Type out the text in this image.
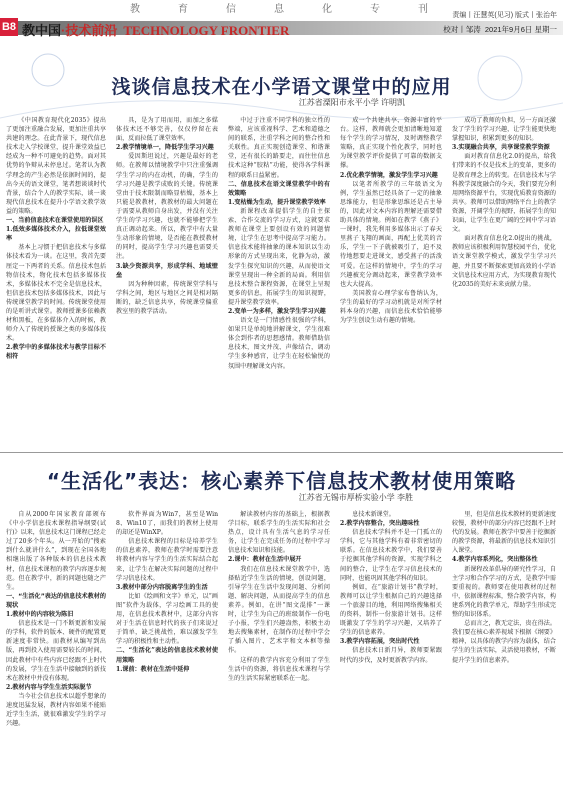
教	育	信	息	化	专	刊
B8 教中国·技术前沿 TECHNOLOGY FRONTIER
责编丨汪慧英(见习) 版式丨张治年
校对丨邹涛 2021年9月6日 星期一
浅谈信息技术在小学语文课堂中的应用
江苏省溧阳市永平小学 许明凯

《中国教育现代化2035》提出了更加注重融合发展，更加注重共享共建的理念。在此背景下，现代信息技术走入学校课堂，提升课堂效益已经成为一种不可避免的趋势。面对其优势的争辩从未停息过。笔者认为教学理念的产生必然是依据时间的，提出今天的语文课堂，笔者想谈谈时代背景，结合个人的教学实际，谈一谈现代信息技术在提升小学语文教学效益的策略。

一、当前信息技术在课堂使用的误区

1.低效多媒体技术介入，拉低课堂效率

基本上习惯于把信息技术与多媒体技术看为一谈。在这里，我首先要厘定一下两者的关系。信息技术包括物信技术，物化技术包括多媒体技术，多媒体技术不完全是信息技术，但信息技术包括多媒体技术，因此与传统课堂教学的时间。传统课堂使用的是听讲式课堂。教师授课多依赖教材和黑板，在多媒体介入的时候，教师介入了传统的授课之类的多媒体技术。

2.教学中的多媒体技术与教学目标不相符

具，是为了用而用，而加之多媒体技术还不够完善，仅仅停留在表面，反而拉低了课堂效率。

2.教学情境单一，降低学生学习兴趣

爱因斯坦说过，兴趣是最好的老师。在教师以情境教学中只注重强调学生学习的内在动机，的确，学生的学习兴趣是教学成败的关键。传统课堂由于技术限制而略显枯燥，基本上只能是教教材，教教材的最大问题在于需要从教师自身出发，并没有关注学生的学习兴趣，也就不能够把学生真正调动起来。所以，教学中有大量生动形象的情境，是否能在教授教材的同时，提高学生学习兴趣也需要关注。

3.缺少资源共享，形成学科、地域壁垒

因为种种因素，传统课堂学科与学科之间，地区与地区之间是相对隔断的，缺乏信息共享，传统课堂偏重教室里的教学活动。

中过于注重不同学科的独立性的弊端，应该重视科学、艺术和道德之间的联系，注重学科之间的整合性和关联性。真正实现创造课堂、和谐课堂，还有很长的路要走，而往往信息技术这种“胶粘”功能，使得各学科课程的联系日益紧密。

二、信息技术在语文课堂教学中的有效策略

1.变枯燥为生动，提升课堂教学效率

新课程改革提倡学生的自主探索、合作交流的学习方式，这就要求教师在课堂上要创设有效的问题情境，让学生在思考中提高学习能力。信息技术能将抽象的课本知识以生动形象的方式呈现出来，化静为动，激发学生探究知识的兴趣，从而使语文课堂呈现出一种全新的局面。利用信息技术整合课程资源，在课堂上呈现更多的信息，拓展学生的知识视野，提升课堂教学效率。

2.变单一为多样，激发学生学习兴趣

语文是一门情感性很强的学科，如果只是单纯地讲解课文，学生很难体会到作者的思想感情。教师借助信息技术，图文并茂、声像结合，调动学生多种感官，让学生在轻松愉悦的氛围中理解课文内容。

成一个共建共享、资源丰富的平台。这样，教师就会更加清晰地知道每个学生的学习情况，及时调整教学策略，真正实现个性化教学，同时也为课堂教学评价提供了可靠的数据支撑。

2.优化教学情境，激发学生学习兴趣

以笔者所教学的三年级语文为例，学生虽然已经具备了一定的抽象思维能力，但是形象思维还是占主导的，因此对文本内容的理解还需要借助具体的情境。例如在教学《燕子》一课时，我先利用多媒体出示了春天里燕子飞翔的画面，再配上优美的音乐，学生一下子就被吸引了，迫不及待地想要走进课文，感受燕子的活泼可爱。在这样的情境中，学生的学习兴趣被充分调动起来，课堂教学效率也大大提高。

美国教育心理学家布鲁纳认为，学生的最好的学习动机就是对所学材料本身的兴趣，而信息技术恰恰能够为学生创设生动有趣的情境。

成功了教师的负担，另一方面还激发了学生的学习兴趣，让学生能更快地掌握知识，积累到更多的知识。

3.实现融合共享，共享课堂教学资源

面对教育信息化2.0的提出，给我们带来的不仅是技术上的变革，更多的是教育理念上的转变。在信息技术与学科教学深度融合的今天，我们要充分利用网络资源平台，实现优质教育资源的共享。教师可以借助网络平台上的教学资源，开阔学生的视野，拓展学生的知识面，让学生在更广阔的空间中学习语文。

面对教育信息化2.0提出的挑战，教师应该积极利用智慧校园平台，优化语文课堂教学模式，激发学生学习兴趣，并且要不断探索更加高效的小学语文信息技术应用方式，为实现教育现代化2035的美好未来贡献力量。

“生活化”表达：核心素养下信息技术教材使用策略
江苏省无锡市厚桥实验小学 李胜

自从2000年国家教育部颁布《中小学信息技术课程指导纲要(试行)》以来，信息技术这门课程已经走过了20多个年头。从一开始的“搜索到什么就讲什么”，到现在全国各地相继出版了各种版本的信息技术教材，信息技术课程的教学内容逐步规范。但在教学中，新的问题也随之产生。

一、“生活化”表达的信息技术教材的现状

1.教材中的内容较为陈旧

信息技术是一门不断更新和发展的学科，软件的版本、硬件的配置更新速度非常快。而教材从编写到出版，再到投入使用需要较长的时间，因此教材中有些内容已经跟不上时代的发展，学生在生活中接触到的新技术在教材中并没有体现。

2.教材内容与学生生活实际脱节

当今社会信息技术以超乎想象的速度迅猛发展，教材内容如果不能贴近学生生活，就很难激发学生的学习兴趣。

软件界面为Win7，甚至是Win8、Win10了，而我们的教材上使用的却还是WinXP。

信息技术课程的目标是培养学生的信息素养，教师在教学时需要注意将教材内容与学生的生活实际结合起来，让学生在解决实际问题的过程中学习信息技术。

3.教材中部分内容脱离学生的生活

比如《绘画和文字》单元，以“画图”软件为载体，学习绘画工具的使用，在信息技术教材中，这部分内容对于生活在信息时代的孩子们来说过于简单，缺乏挑战性，难以激发学生学习的积极性和主动性。

二、“生活化”表达的信息技术教材使用策略

1.课前：教材在生活中延伸

解读教材内容的基础上，根据教学目标，联系学生的生活实际和社会热点，设计具有生活气息的学习任务，让学生在完成任务的过程中学习信息技术知识和技能。

2.课中：教材在生活中展开

我们在信息技术课堂教学中，选择贴近学生生活的情境，创设问题，引导学生在生活中发现问题、分析问题、解决问题，从而提高学生的信息素养。例如，在讲“图文混排”一课时，让学生为自己的班级制作一份电子小报，学生们兴趣盎然，积极主动地去搜集素材，在制作的过程中学会了插入图片、艺术字和文本框等操作。

这样的教学内容充分利用了学生生活中的资源，将信息技术课程与学生的生活实际紧密联系在一起。

息技术新课堂。

2.教学内容整合，突出趣味性

信息技术学科并不是一门孤立的学科，它与其他学科有着非常密切的联系。在信息技术教学中，我们要善于挖掘其他学科的资源，实现学科之间的整合，让学生在学习信息技术的同时，也能巩固其他学科的知识。

例如，在“旅游计划书”教学时，教师可以让学生根据自己的兴趣选择一个旅游目的地，利用网络搜集相关的资料，制作一份旅游计划书。这样既激发了学生的学习兴趣，又培养了学生的信息素养。

3.教学内容拓展，突出时代性

信息技术日新月异，教师要紧跟时代的步伐，及时更新教学内容。

里，但是信息技术教材的更新速度较慢，教材中的部分内容已经跟不上时代的发展。教师在教学中要善于挖掘新的教学资源，将最新的信息技术知识引入课堂。

4.教学内容系列化，突出整体性

新课程改革倡导的研究性学习，自主学习和合作学习的方式，是教学中需要重视的。教师要在使用教材的过程中，依据课程标准，整合教学内容，构建系列化的教学单元，帮助学生形成完整的知识体系。

总而言之，教无定法，贵在得法。我们要在核心素养视域下根据《纲要》精神，以具体的教学内容为载体，结合学生的生活实际，灵活使用教材，不断提升学生的信息素养。
